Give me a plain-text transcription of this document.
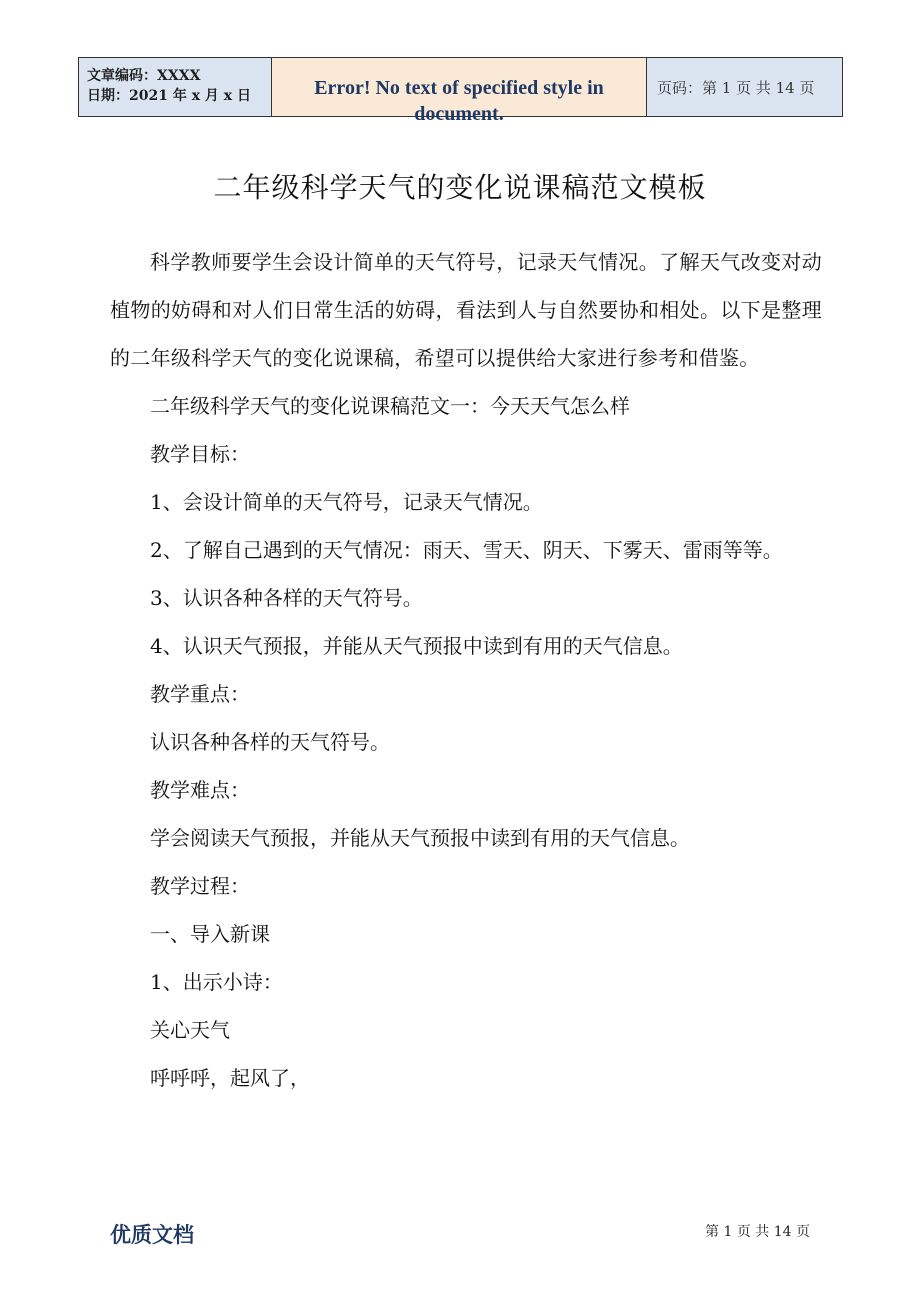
文章编码：XXXX
日期：2021 年 x 月 x 日	Error! No text of specified style in document.
页码：第 1 页 共 14 页
二年级科学天气的变化说课稿范文模板

科学教师要学生会设计简单的天气符号，记录天气情况。了解天气改变对动植物的妨碍和对人们日常生活的妨碍，看法到人与自然要协和相处。以下是整理的二年级科学天气的变化说课稿，希望可以提供给大家进行参考和借鉴。

二年级科学天气的变化说课稿范文一：今天天气怎么样

教学目标：

1、会设计简单的天气符号，记录天气情况。

2、了解自己遇到的天气情况：雨天、雪天、阴天、下雾天、雷雨等等。

3、认识各种各样的天气符号。

4、认识天气预报，并能从天气预报中读到有用的天气信息。

教学重点：

认识各种各样的天气符号。

教学难点：

学会阅读天气预报，并能从天气预报中读到有用的天气信息。

教学过程：

一、导入新课

1、出示小诗：

关心天气

呼呼呼，起风了，

优质文档	第 1 页 共 14 页
